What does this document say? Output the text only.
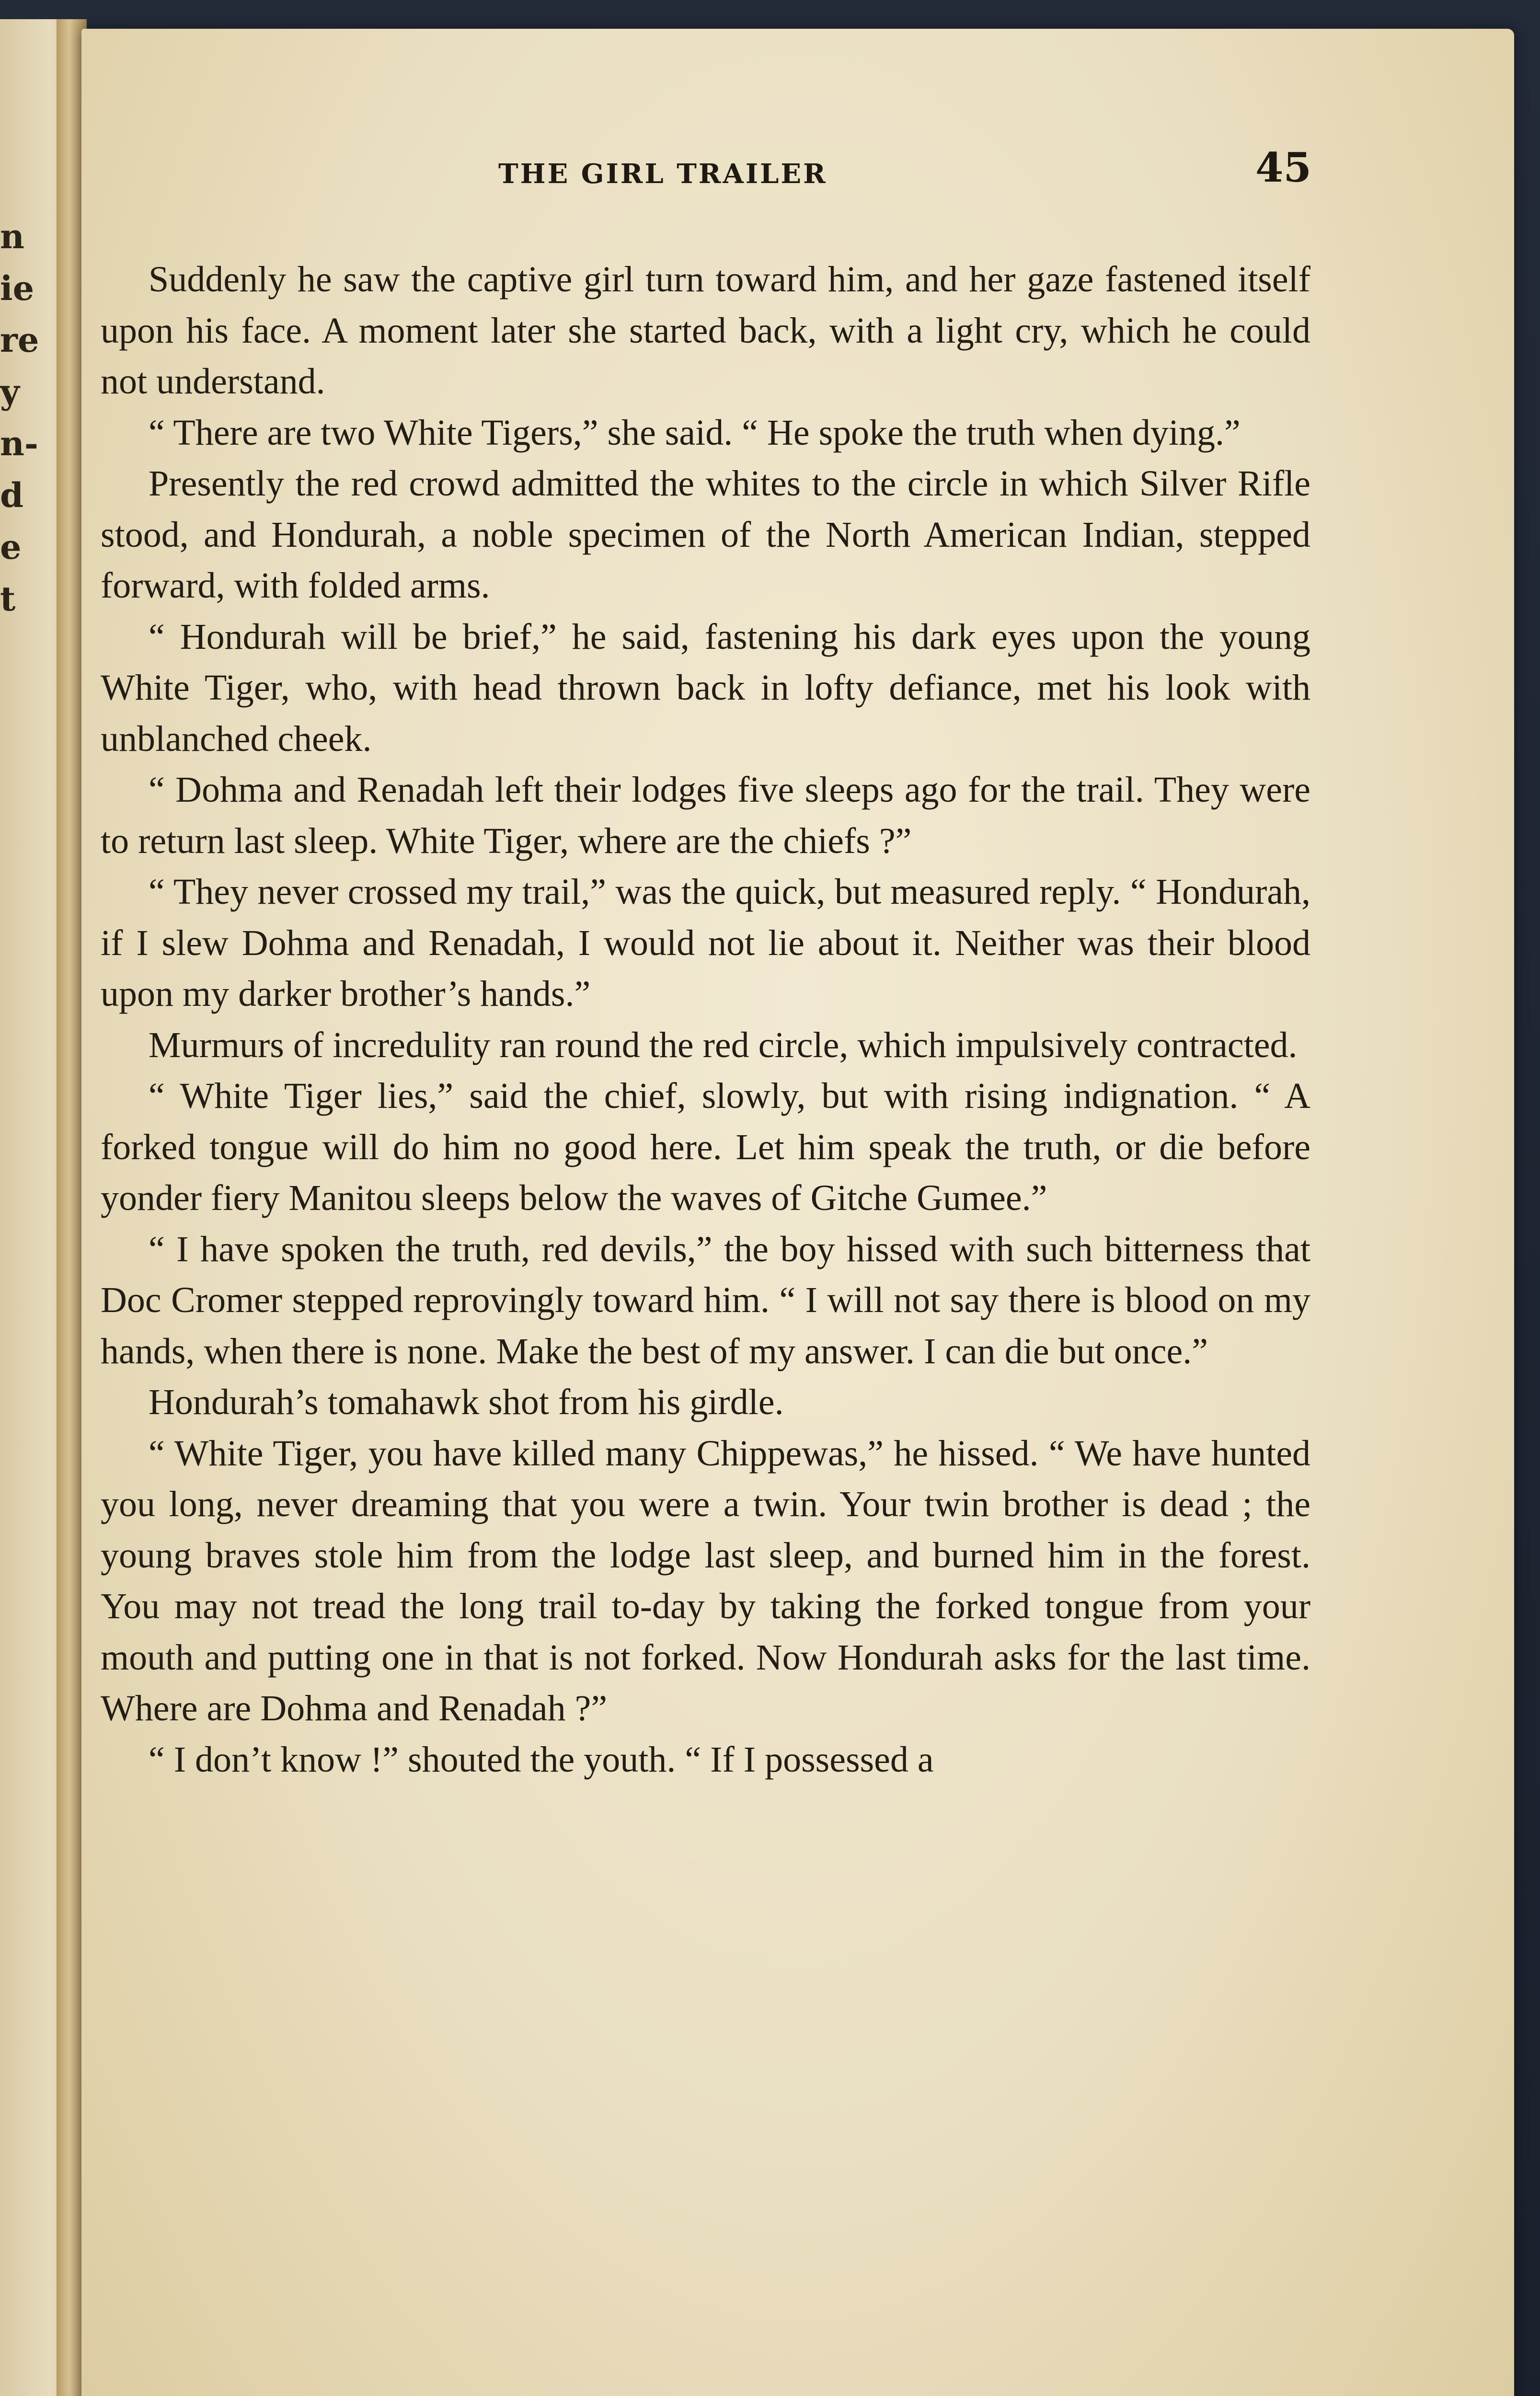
n
ie
re
y
n-
d
e
t
THE GIRL TRAILER	45

Suddenly he saw the captive girl turn toward him, and her gaze fastened itself upon his face. A moment later she started back, with a light cry, which he could not understand.

“ There are two White Tigers,” she said. “ He spoke the truth when dying.”

Presently the red crowd admitted the whites to the circle in which Silver Rifle stood, and Hondurah, a noble specimen of the North American Indian, stepped forward, with folded arms.

“ Hondurah will be brief,” he said, fastening his dark eyes upon the young White Tiger, who, with head thrown back in lofty defiance, met his look with unblanched cheek.

“ Dohma and Renadah left their lodges five sleeps ago for the trail. They were to return last sleep. White Tiger, where are the chiefs ?”

“ They never crossed my trail,” was the quick, but measured reply. “ Hondurah, if I slew Dohma and Renadah, I would not lie about it. Neither was their blood upon my darker brother’s hands.”

Murmurs of incredulity ran round the red circle, which impulsively contracted.

“ White Tiger lies,” said the chief, slowly, but with rising indignation. “ A forked tongue will do him no good here. Let him speak the truth, or die before yonder fiery Manitou sleeps below the waves of Gitche Gumee.”

“ I have spoken the truth, red devils,” the boy hissed with such bitterness that Doc Cromer stepped reprovingly toward him. “ I will not say there is blood on my hands, when there is none. Make the best of my answer. I can die but once.”

Hondurah’s tomahawk shot from his girdle.

“ White Tiger, you have killed many Chippewas,” he hissed. “ We have hunted you long, never dreaming that you were a twin. Your twin brother is dead ; the young braves stole him from the lodge last sleep, and burned him in the forest. You may not tread the long trail to-day by taking the forked tongue from your mouth and putting one in that is not forked. Now Hondurah asks for the last time. Where are Dohma and Renadah ?”

“ I don’t know !” shouted the youth. “ If I possessed a
